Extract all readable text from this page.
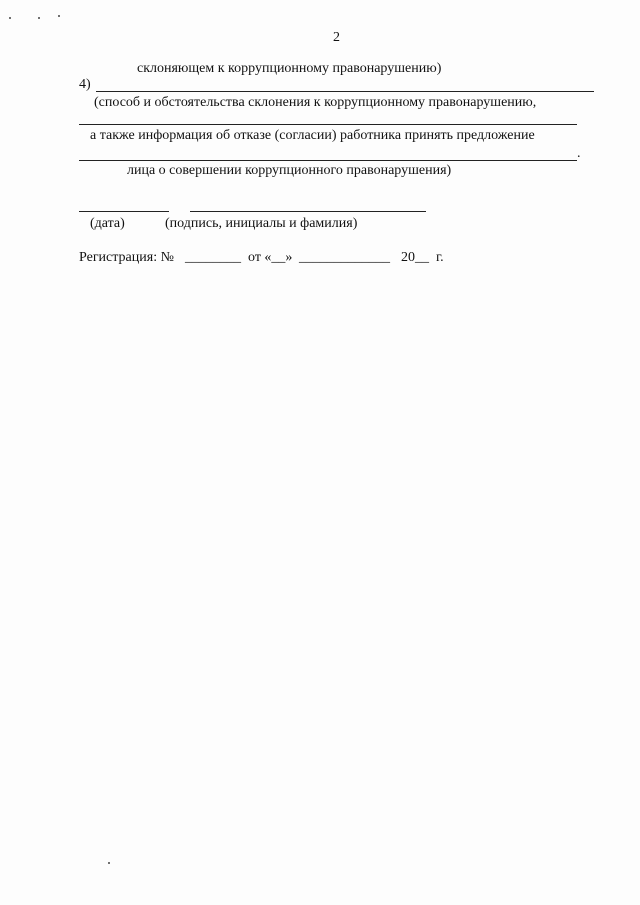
2
склоняющем к коррупционному правонарушению)
4)
(способ и обстоятельства склонения к коррупционному правонарушению,
а также информация об отказе (согласии) работника принять предложение
.
лица о совершении коррупционного правонарушения)
(дата)	(подпись, инициалы и фамилия)
Регистрация: № ________ от «__» _____________ 20__ г.
